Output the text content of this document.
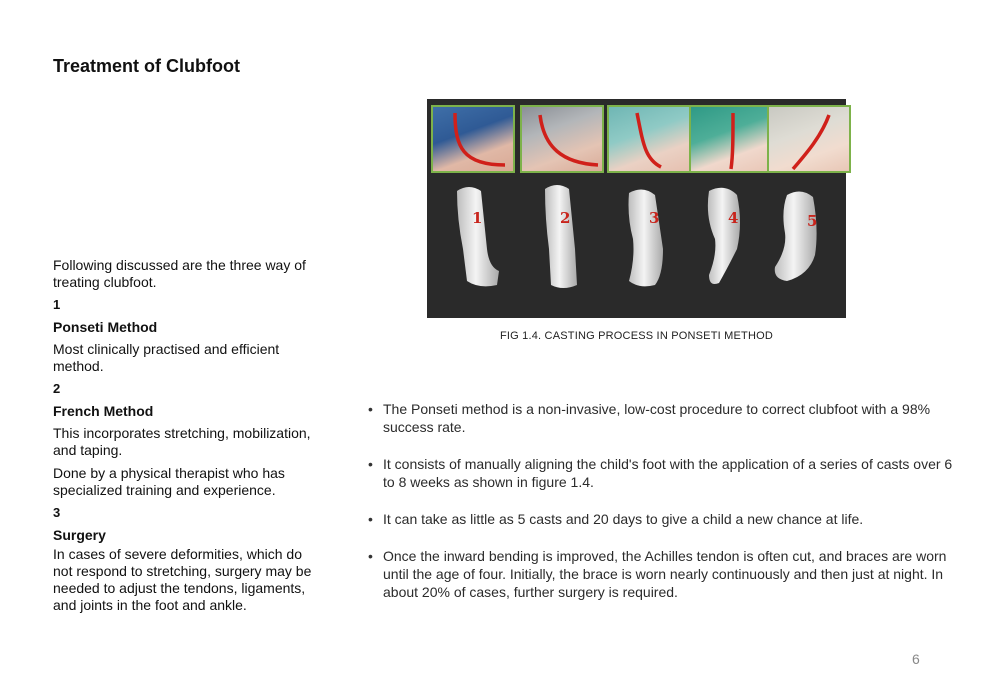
Treatment of Clubfoot

Following discussed are the three way of treating clubfoot.

1

Ponseti Method

Most clinically practised and efficient method.

2

French Method

This incorporates stretching, mobilization, and taping.

Done by a physical therapist who has specialized training and experience.

3

Surgery

In cases of severe deformities, which do not respond to stretching, surgery may be needed to adjust the tendons, ligaments, and joints in the foot and ankle.

1	2	3	4	5
FIG 1.4. CASTING PROCESS IN PONSETI METHOD
• The Ponseti method is a non-invasive, low-cost procedure to correct clubfoot with a 98% success rate.
• It consists of manually aligning the child's foot with the application of a series of casts over 6 to 8 weeks as shown in figure 1.4.
• It can take as little as 5 casts and 20 days to give a child a new chance at life.
• Once the inward bending is improved, the Achilles tendon is often cut, and braces are worn until the age of four. Initially, the brace is worn nearly continuously and then just at night. In about 20% of cases, further surgery is required.
6
